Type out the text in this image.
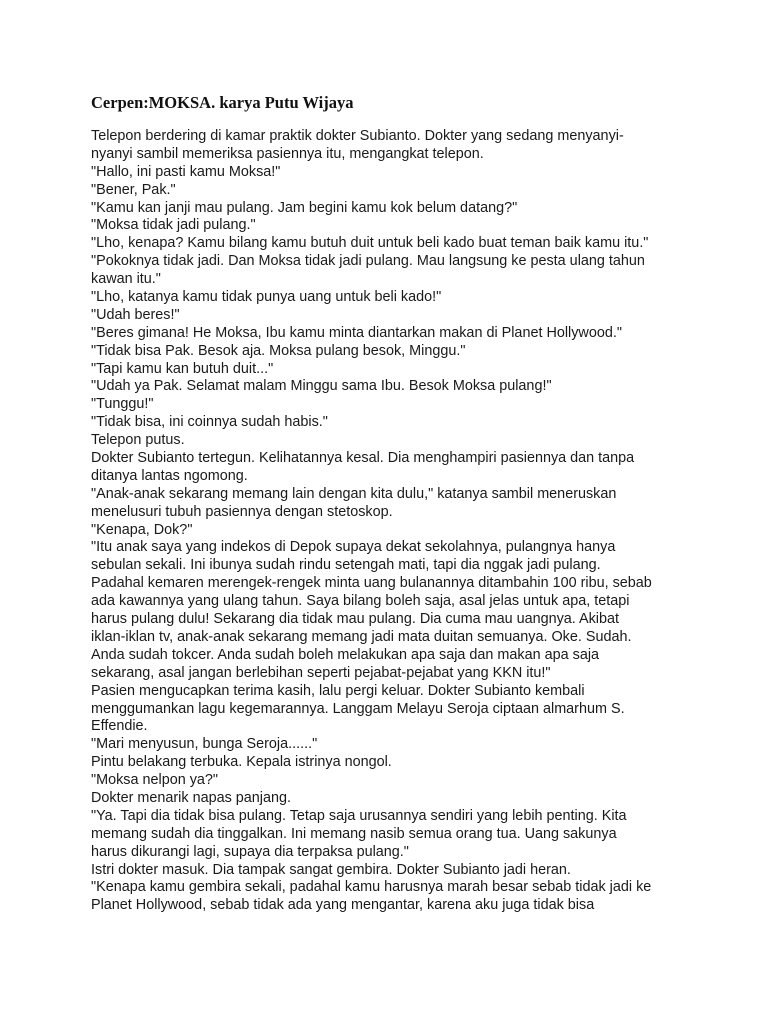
Cerpen:MOKSA. karya Putu Wijaya
Telepon berdering di kamar praktik dokter Subianto. Dokter yang sedang menyanyi-
nyanyi sambil memeriksa pasiennya itu, mengangkat telepon.
"Hallo, ini pasti kamu Moksa!"
"Bener, Pak."
"Kamu kan janji mau pulang. Jam begini kamu kok belum datang?"
"Moksa tidak jadi pulang."
"Lho, kenapa? Kamu bilang kamu butuh duit untuk beli kado buat teman baik kamu itu."
"Pokoknya tidak jadi. Dan Moksa tidak jadi pulang. Mau langsung ke pesta ulang tahun
kawan itu."
"Lho, katanya kamu tidak punya uang untuk beli kado!"
"Udah beres!"
"Beres gimana! He Moksa, Ibu kamu minta diantarkan makan di Planet Hollywood."
"Tidak bisa Pak. Besok aja. Moksa pulang besok, Minggu."
"Tapi kamu kan butuh duit..."
"Udah ya Pak. Selamat malam Minggu sama Ibu. Besok Moksa pulang!"
"Tunggu!"
"Tidak bisa, ini coinnya sudah habis."
Telepon putus.
Dokter Subianto tertegun. Kelihatannya kesal. Dia menghampiri pasiennya dan tanpa
ditanya lantas ngomong.
"Anak-anak sekarang memang lain dengan kita dulu," katanya sambil meneruskan
menelusuri tubuh pasiennya dengan stetoskop.
"Kenapa, Dok?"
"Itu anak saya yang indekos di Depok supaya dekat sekolahnya, pulangnya hanya
sebulan sekali. Ini ibunya sudah rindu setengah mati, tapi dia nggak jadi pulang.
Padahal kemaren merengek-rengek minta uang bulanannya ditambahin 100 ribu, sebab
ada kawannya yang ulang tahun. Saya bilang boleh saja, asal jelas untuk apa, tetapi
harus pulang dulu! Sekarang dia tidak mau pulang. Dia cuma mau uangnya. Akibat
iklan-iklan tv, anak-anak sekarang memang jadi mata duitan semuanya. Oke. Sudah.
Anda sudah tokcer. Anda sudah boleh melakukan apa saja dan makan apa saja
sekarang, asal jangan berlebihan seperti pejabat-pejabat yang KKN itu!"
Pasien mengucapkan terima kasih, lalu pergi keluar. Dokter Subianto kembali
menggumankan lagu kegemarannya. Langgam Melayu Seroja ciptaan almarhum S.
Effendie.
"Mari menyusun, bunga Seroja......"
Pintu belakang terbuka. Kepala istrinya nongol.
"Moksa nelpon ya?"
Dokter menarik napas panjang.
"Ya. Tapi dia tidak bisa pulang. Tetap saja urusannya sendiri yang lebih penting. Kita
memang sudah dia tinggalkan. Ini memang nasib semua orang tua. Uang sakunya
harus dikurangi lagi, supaya dia terpaksa pulang."
Istri dokter masuk. Dia tampak sangat gembira. Dokter Subianto jadi heran.
"Kenapa kamu gembira sekali, padahal kamu harusnya marah besar sebab tidak jadi ke
Planet Hollywood, sebab tidak ada yang mengantar, karena aku juga tidak bisa
